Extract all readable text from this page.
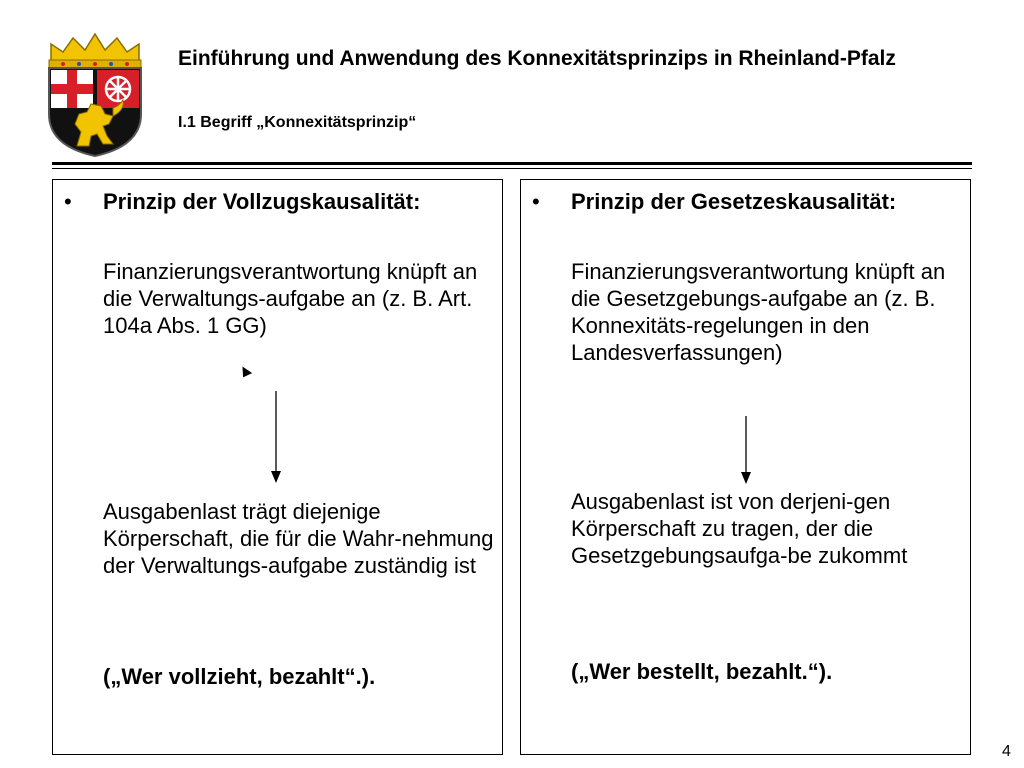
Einführung und Anwendung des Konnexitätsprinzips in Rheinland-Pfalz
I.1 Begriff „Konnexitätsprinzip“
• Prinzip der Vollzugskausalität:
Finanzierungsverantwortung knüpft an die Verwaltungs-aufgabe an (z. B. Art. 104a Abs. 1 GG)
Ausgabenlast trägt diejenige Körperschaft, die für die Wahr-nehmung der Verwaltungs-aufgabe zuständig ist
(„Wer vollzieht, bezahlt“.).
• Prinzip der Gesetzeskausalität:
Finanzierungsverantwortung knüpft an die Gesetzgebungs-aufgabe an (z. B. Konnexitäts-regelungen in den Landesverfassungen)
Ausgabenlast ist von derjeni-gen Körperschaft zu tragen, der die Gesetzgebungsaufga-be zukommt
(„Wer bestellt, bezahlt.“).
4
